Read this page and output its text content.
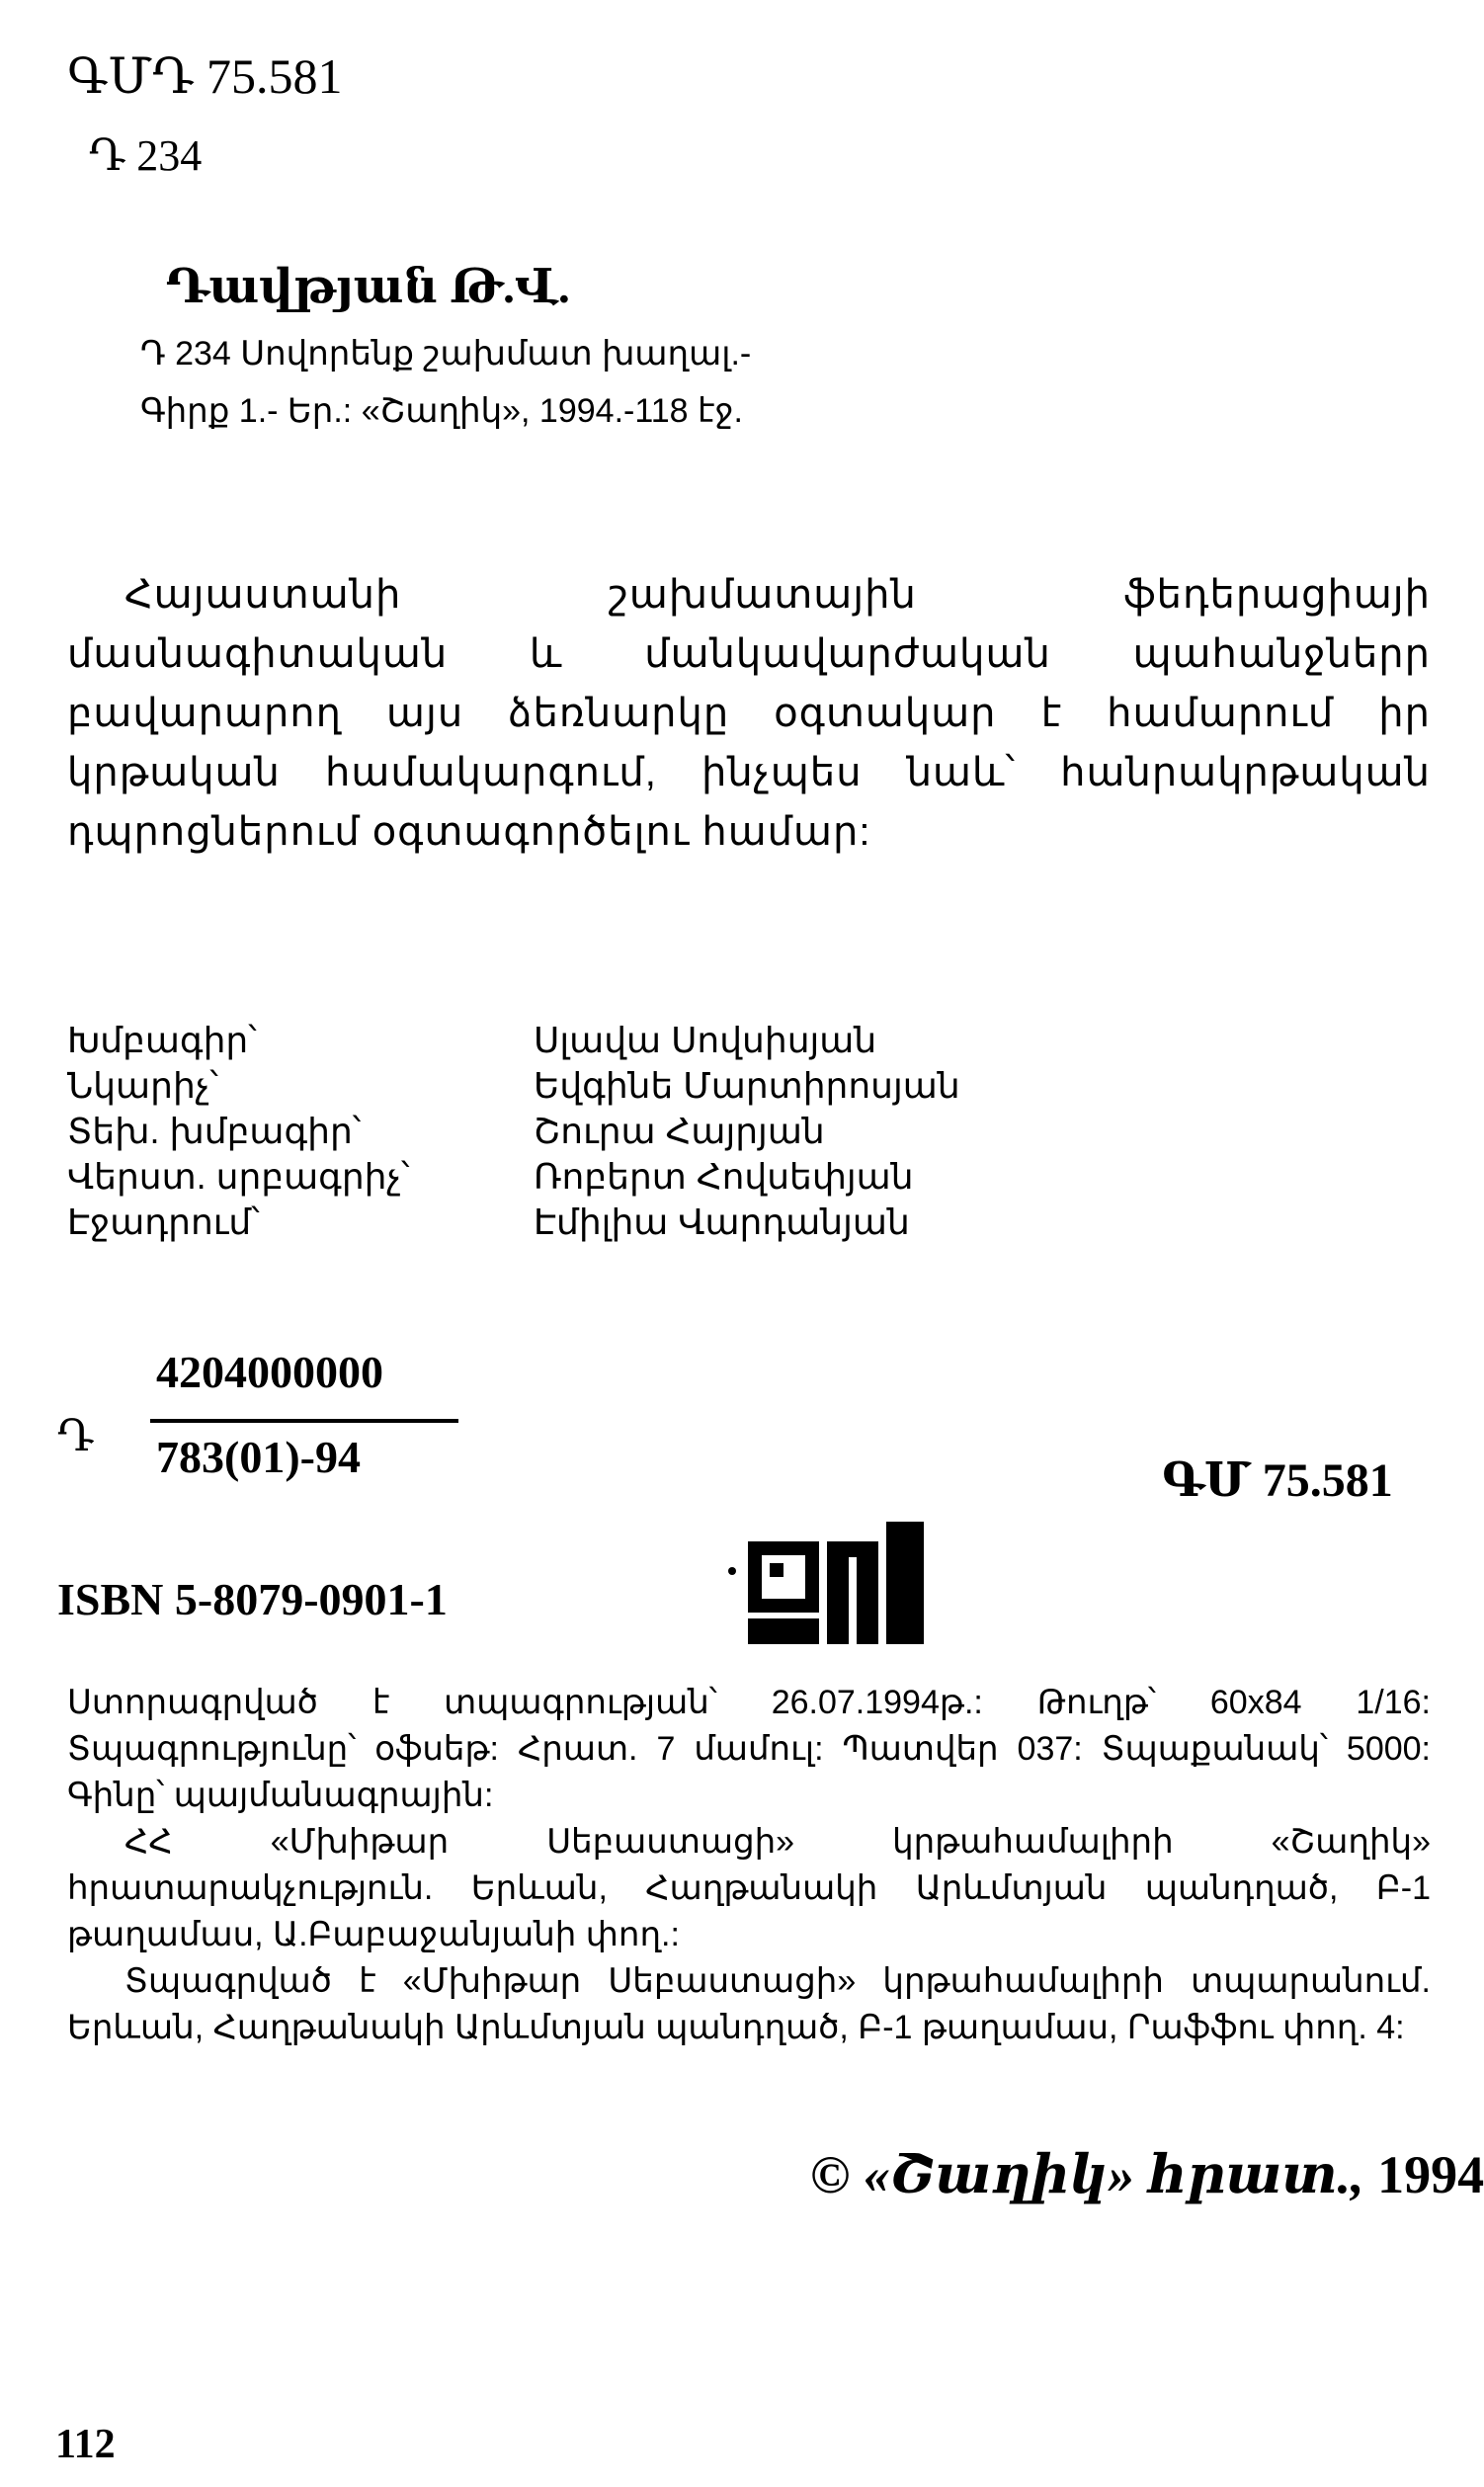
ԳՄԴ 75.581
Դ 234
Դավթյան Թ.Վ.
Դ 234 Սովորենք շախմատ խաղալ.-
Գիրք 1.- Եր.: «Շաղիկ», 1994.-118 էջ.
Հայաստանի շախմատային ֆեդերացիայի մասնագիտական և մանկավարժական պահանջներր բավարարող այս ձեռնարկը օգտակար է համարում իր կրթական համակարգում, ինչպես նաև՝ հանրակրթական դպրոցներում օգտագործելու համար:
Խմբագիր՝	Սլավա Սովսիսյան
Նկարիչ՝	Եվգինե Մարտիրոսյան
Տեխ. խմբագիր՝	Շուրա Հայրյան
Վերստ. սրբագրիչ՝	Ռոբերտ Հովսեփյան
Էջադրում՝	Էմիլիա Վարդանյան
Դ
4204000000
783(01)-94	ԳՄ 75.581
ISBN 5-8079-0901-1

Ստորագրված է տպագրության՝ 26.07.1994թ.: Թուղթ՝ 60x84 1/16: Տպագրությունը՝ օֆսեթ: Հրատ. 7 մամուլ: Պատվեր 037: Տպաքանակ՝ 5000: Գինը՝ պայմանագրային:

ՀՀ «Մխիթար Սեբաստացի» կրթահամալիրի «Շաղիկ» հրատարակչություն. Երևան, Հաղթանակի Արևմտյան պանդղած, Բ-1 թաղամաս, Ա.Բաբաջանյանի փող.:

Տպագրված է «Մխիթար Սեբաստացի» կրթահամալիրի տպարանում. Երևան, Հաղթանակի Արևմտյան պանդղած, Բ-1 թաղամաս, Րաֆֆու փող. 4:

© «Շաղիկ» հրատ., 1994
112
